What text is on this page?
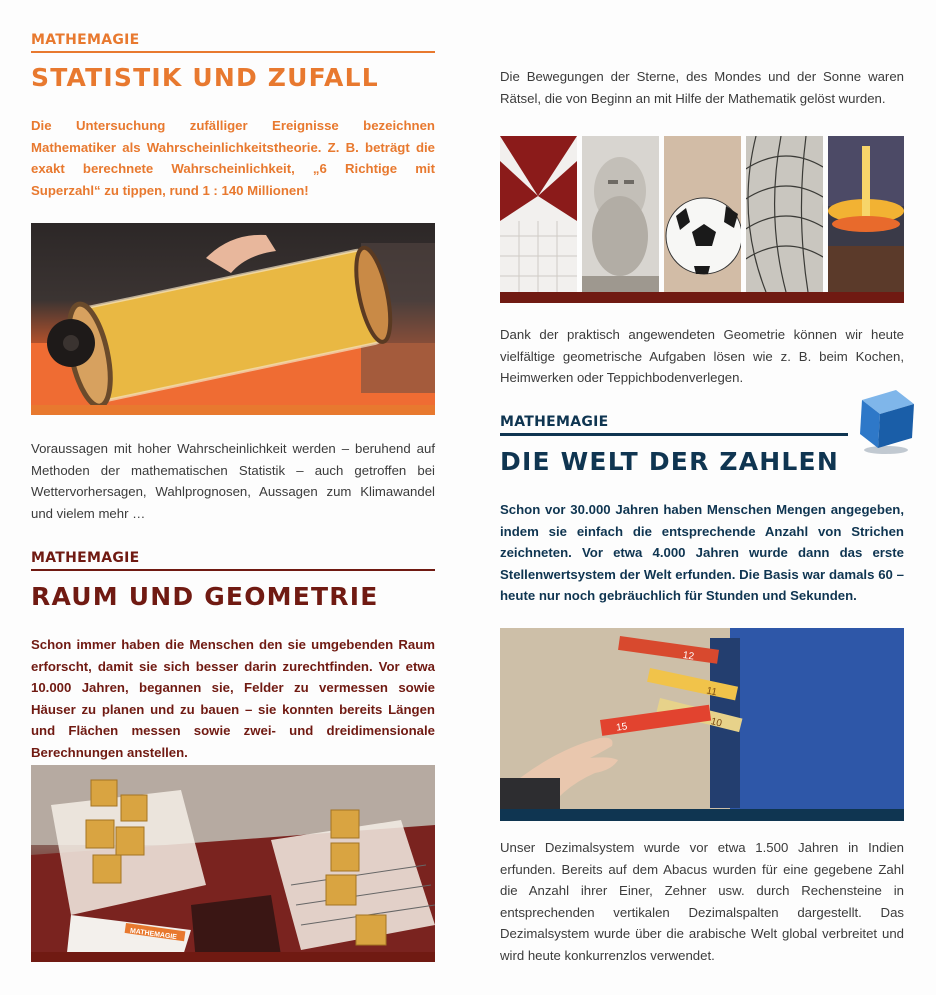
MATHEMAGIE
STATISTIK UND ZUFALL

Die Untersuchung zufälliger Ereignisse bezeichnen Mathematiker als Wahrscheinlichkeitstheorie. Z. B. beträgt die exakt berechnete Wahrscheinlichkeit, „6 Richtige mit Superzahl“ zu tippen, rund 1 : 140 Millionen!

Voraussagen mit hoher Wahrscheinlichkeit werden – beruhend auf Methoden der mathematischen Statistik – auch getroffen bei Wettervorhersagen, Wahlprognosen, Aussagen zum Klimawandel und vielem mehr …

MATHEMAGIE
RAUM UND GEOMETRIE

Schon immer haben die Menschen den sie umgebenden Raum erforscht, damit sie sich besser darin zurechtfinden. Vor etwa 10.000 Jahren, begannen sie, Felder zu vermessen sowie Häuser zu planen und zu bauen – sie konnten bereits Längen und Flächen messen sowie zwei- und dreidimensionale Berechnungen anstellen.

MATHEMAGIE

Die Bewegungen der Sterne, des Mondes und der Sonne waren Rätsel, die von Beginn an mit Hilfe der Mathematik gelöst wurden.

Dank der praktisch angewendeten Geometrie können wir heute vielfältige geometrische Aufgaben lösen wie z. B. beim Kochen, Heimwerken oder Teppichbodenverlegen.

MATHEMAGIE
DIE WELT DER ZAHLEN

Schon vor 30.000 Jahren haben Menschen Mengen angegeben, indem sie einfach die entsprechende Anzahl von Strichen zeichneten. Vor etwa 4.000 Jahren wurde dann das erste Stellenwertsystem der Welt erfunden. Die Basis war damals 60 – heute nur noch gebräuchlich für Stunden und Sekunden.

12
11
10
15

Unser Dezimalsystem wurde vor etwa 1.500 Jahren in Indien erfunden. Bereits auf dem Abacus wurden für eine gegebene Zahl die Anzahl ihrer Einer, Zehner usw. durch Rechensteine in entsprechenden vertikalen Dezimalspalten dargestellt. Das Dezimalsystem wurde über die arabische Welt global verbreitet und wird heute konkurrenzlos verwendet.
